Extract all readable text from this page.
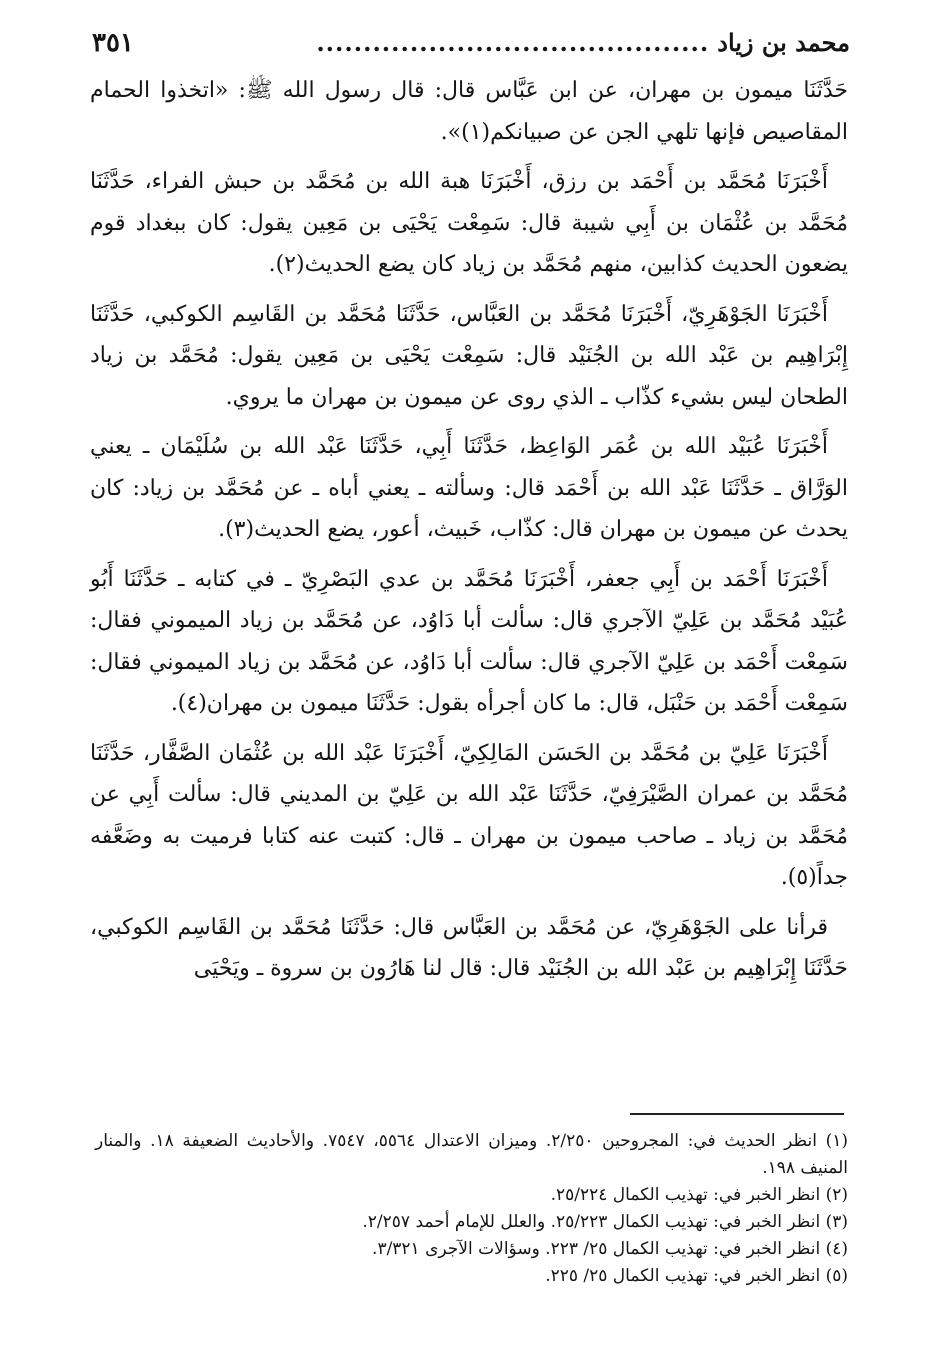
محمد بن زياد
..........................................
٣٥١

حَدَّثَنَا ميمون بن مهران، عن ابن عَبَّاس قال: قال رسول الله ﷺ: «اتخذوا الحمام المقاصيص فإنها تلهي الجن عن صبيانكم(١)».

أَخْبَرَنَا مُحَمَّد بن أَحْمَد بن رزق، أَخْبَرَنَا هبة الله بن مُحَمَّد بن حبش الفراء، حَدَّثَنَا مُحَمَّد بن عُثْمَان بن أَبِي شيبة قال: سَمِعْت يَحْيَى بن مَعِين يقول: كان ببغداد قوم يضعون الحديث كذابين، منهم مُحَمَّد بن زياد كان يضع الحديث(٢).

أَخْبَرَنَا الجَوْهَرِيّ، أَخْبَرَنَا مُحَمَّد بن العَبَّاس، حَدَّثَنَا مُحَمَّد بن القَاسِم الكوكبي، حَدَّثَنَا إِبْرَاهِيم بن عَبْد الله بن الجُنَيْد قال: سَمِعْت يَحْيَى بن مَعِين يقول: مُحَمَّد بن زياد الطحان ليس بشيء كذّاب ـ الذي روى عن ميمون بن مهران ما يروي.

أَخْبَرَنَا عُبَيْد الله بن عُمَر الوَاعِظ، حَدَّثَنَا أَبِي، حَدَّثَنَا عَبْد الله بن سُلَيْمَان ـ يعني الوَرَّاق ـ حَدَّثَنَا عَبْد الله بن أَحْمَد قال: وسألته ـ يعني أباه ـ عن مُحَمَّد بن زياد: كان يحدث عن ميمون بن مهران قال: كذّاب، خَبيث، أعور، يضع الحديث(٣).

أَخْبَرَنَا أَحْمَد بن أَبِي جعفر، أَخْبَرَنَا مُحَمَّد بن عدي البَصْرِيّ ـ في كتابه ـ حَدَّثَنَا أَبُو عُبَيْد مُحَمَّد بن عَلِيّ الآجري قال: سألت أبا دَاوُد، عن مُحَمَّد بن زياد الميموني فقال: سَمِعْت أَحْمَد بن عَلِيّ الآجري قال: سألت أبا دَاوُد، عن مُحَمَّد بن زياد الميموني فقال: سَمِعْت أَحْمَد بن حَنْبَل، قال: ما كان أجرأه بقول: حَدَّثَنَا ميمون بن مهران(٤).

أَخْبَرَنَا عَلِيّ بن مُحَمَّد بن الحَسَن المَالِكِيّ، أَخْبَرَنَا عَبْد الله بن عُثْمَان الصَّفَّار، حَدَّثَنَا مُحَمَّد بن عمران الصَّيْرَفِيّ، حَدَّثَنَا عَبْد الله بن عَلِيّ بن المديني قال: سألت أَبِي عن مُحَمَّد بن زياد ـ صاحب ميمون بن مهران ـ قال: كتبت عنه كتابا فرميت به وضَعَّفه جداً(٥).

قرأنا على الجَوْهَرِيّ، عن مُحَمَّد بن العَبَّاس قال: حَدَّثَنَا مُحَمَّد بن القَاسِم الكوكبي، حَدَّثَنَا إِبْرَاهِيم بن عَبْد الله بن الجُنَيْد قال: قال لنا هَارُون بن سروة ـ ويَحْيَى

(١) انظر الحديث في: المجروحين ٢/٢٥٠. وميزان الاعتدال ٥٥٦٤، ٧٥٤٧. والأحاديث الضعيفة ١٨. والمنار المنيف ١٩٨.

(٢) انظر الخبر في: تهذيب الكمال ٢٥/٢٢٤.

(٣) انظر الخبر في: تهذيب الكمال ٢٥/٢٢٣. والعلل للإمام أحمد ٢/٢٥٧.

(٤) انظر الخبر في: تهذيب الكمال ٢٥/ ٢٢٣. وسؤالات الآجرى ٣/٣٢١.

(٥) انظر الخبر في: تهذيب الكمال ٢٥/ ٢٢٥.
